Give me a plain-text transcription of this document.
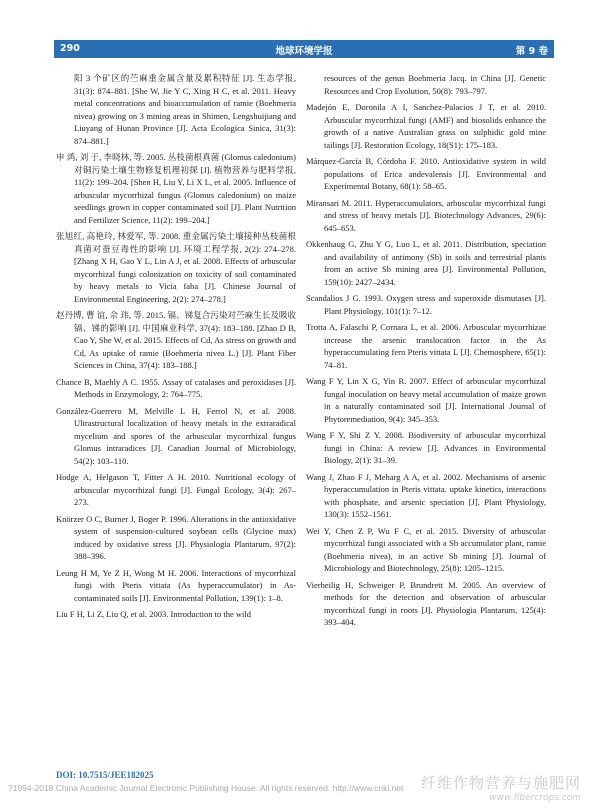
290	地球环境学报	第 9 卷

阳 3 个矿区的苎麻重金属含量及累积特征 [J]. 生态学报, 31(3): 874–881. [She W, Jie Y C, Xing H C, et al. 2011. Heavy metal concentrations and bioaccumulation of ramie (Boehmeria nivea) growing on 3 mining areas in Shimen, Lengshuijiang and Liuyang of Hunan Province [J]. Acta Ecologica Sinica, 31(3): 874–881.]

申 鸿, 刘 于, 李晓林, 等. 2005. 丛枝菌根真菌 (Glomus caledonium) 对铜污染土壤生物修复机理初探 [J]. 植物营养与肥料学报, 11(2): 199–204. [Shen H, Liu Y, Li X L, et al. 2005. Influence of arbuscular mycorrhizal fungus (Glomus caledonium) on maize seedlings grown in copper contaminated soil [J]. Plant Nutrition and Fertilizer Science, 11(2): 199–204.]

张旭红, 高艳玲, 林爱军, 等. 2008. 重金属污染土壤接种丛枝菌根真菌对蚕豆毒性的影响 [J]. 环境工程学报, 2(2): 274–278. [Zhang X H, Gao Y L, Lin A J, et al. 2008. Effects of arbuscular mycorrhizal fungi colonization on toxicity of soil contaminated by heavy metals to Vicia faba [J]. Chinese Journal of Environmental Engineering, 2(2): 274–278.]

赵丹博, 曹 谊, 佘 玮, 等. 2015. 镉、锑复合污染对苎麻生长及吸收镉、锑的影响 [J]. 中国麻业科学, 37(4): 183–188. [Zhao D B, Cao Y, She W, et al. 2015. Effects of Cd, As stress on growth and Cd, As uptake of ramie (Boehmeria nivea L.) [J]. Plant Fiber Sciences in China, 37(4): 183–188.]

Chance B, Maehly A C. 1955. Assay of catalases and peroxidases [J]. Methods in Enzymology, 2: 764–775.

González-Guerrero M, Melville L H, Ferrol N, et al. 2008. Ultrastructural localization of heavy metals in the extraradical mycelium and spores of the arbuscular mycorrhizal fungus Glomus intraradices [J]. Canadian Journal of Microbiology, 54(2): 103–110.

Hodge A, Helgason T, Fitter A H. 2010. Nutritional ecology of arbuscular mycorrhizal fungi [J]. Fungal Ecology, 3(4): 267–273.

Knörzer O C, Burner J, Boger P. 1996. Alterations in the antioxidative system of suspension-cultured soybean cells (Glycine max) induced by oxidative stress [J]. Physiologia Plantarum, 97(2): 388–396.

Leung H M, Ye Z H, Wong M H. 2006. Interactions of mycorrhizal fungi with Pteris vittata (As hyperaccumulator) in As-contaminated soils [J]. Environmental Pollution, 139(1): 1–8.

Liu F H, Li Z, Liu Q, et al. 2003. Introduction to the wild

resources of the genus Boehmeria Jacq. in China [J]. Genetic Resources and Crop Evolution, 50(8): 793–797.

Madejón E, Doronila A I, Sanchez-Palacios J T, et al. 2010. Arbuscular mycorrhizal fungi (AMF) and biosolids enhance the growth of a native Australian grass on sulphidic gold mine tailings [J]. Restoration Ecology, 18(S1): 175–183.

Márquez-García B, Córdoba F. 2010. Antioxidative system in wild populations of Erica andevalensis [J]. Environmental and Experimental Botany, 68(1): 58–65.

Miransari M. 2011. Hyperaccumulators, arbuscular mycorrhizal fungi and stress of heavy metals [J]. Biotechnology Advances, 29(6): 645–653.

Okkenhaug G, Zhu Y G, Luo L, et al. 2011. Distribution, speciation and availability of antimony (Sb) in soils and terrestrial plants from an active Sb mining area [J]. Environmental Pollution, 159(10): 2427–2434.

Scandalios J G. 1993. Oxygen stress and superoxide dismutases [J]. Plant Physiology, 101(1): 7–12.

Trotta A, Falaschi P, Cornara L, et al. 2006. Arbuscular mycorrhizae increase the arsenic translocation factor in the As hyperaccumulating fern Pteris vittata L [J]. Chemosphere, 65(1): 74–81.

Wang F Y, Lin X G, Yin R. 2007. Effect of arbuscular mycorrhizal fungal inoculation on heavy metal accumulation of maize grown in a naturally contaminated soil [J]. International Journal of Phytoremediation, 9(4): 345–353.

Wang F Y, Shi Z Y. 2008. Biodiversity of arbuscular mycorrhizal fungi in China: A review [J]. Advances in Environmental Biology, 2(1): 31–39.

Wang J, Zhao F J, Meharg A A, et al. 2002. Mechanisms of arsenic hyperaccumulation in Pteris vittata. uptake kinetics, interactions with phosphate, and arsenic speciation [J]. Plant Physiology, 130(3): 1552–1561.

Wei Y, Chen Z P, Wu F C, et al. 2015. Diversity of arbuscular mycorrhizal fungi associated with a Sb accumulator plant, ramie (Boehmeria nivea), in an active Sb mining [J]. Journal of Microbiology and Biotechnology, 25(8): 1205–1215.

Vierheilig H, Schweiger P, Brundrett M. 2005. An overview of methods for the detection and observation of arbuscular mycorrhizal fungi in roots [J]. Physiologia Plantarum, 125(4): 393–404.

DOI: 10.7515/JEE182025
?1994-2018 China Academic Journal Electronic Publishing House. All rights reserved. http://www.cnki.net	纤维作物营养与施肥网
www.fibercrops.com
